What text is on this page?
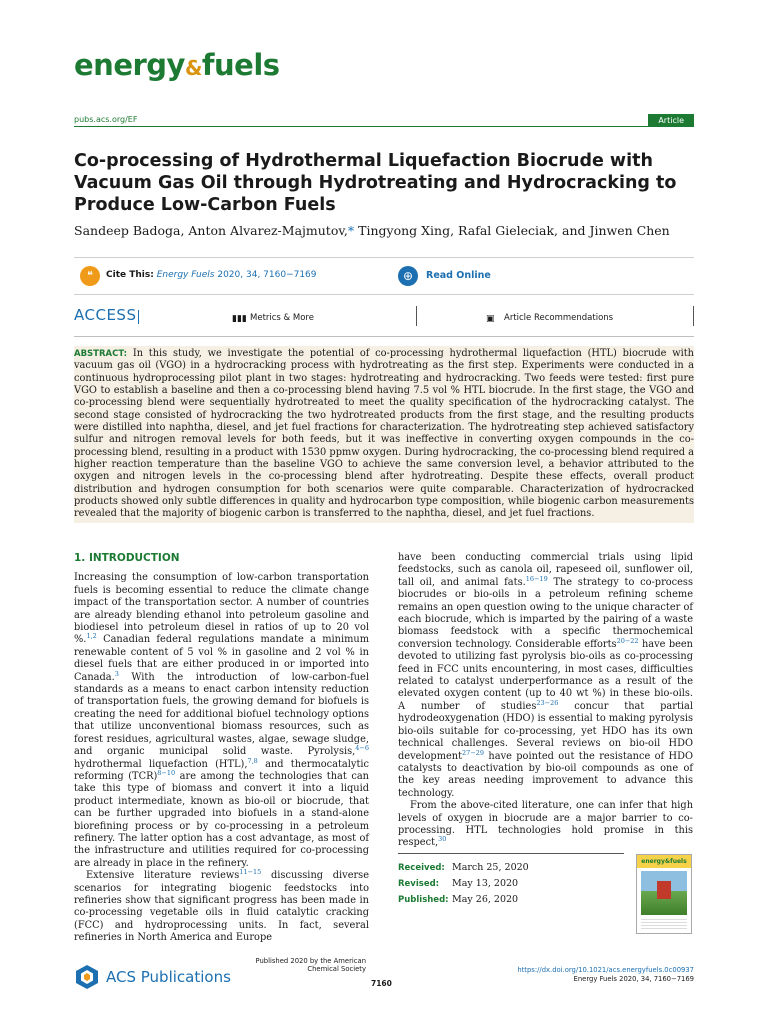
energy&fuels
pubs.acs.org/EF	Article
Co-processing of Hydrothermal Liquefaction Biocrude with Vacuum Gas Oil through Hydrotreating and Hydrocracking to Produce Low-Carbon Fuels
Sandeep Badoga, Anton Alvarez-Majmutov,* Tingyong Xing, Rafal Gieleciak, and Jinwen Chen
❝	Cite This: Energy Fuels 2020, 34, 7160−7169	⊕	Read Online
ACCESS	▮▮▮ Metrics & More	▣ Article Recommendations
ABSTRACT: In this study, we investigate the potential of co-processing hydrothermal liquefaction (HTL) biocrude with vacuum gas oil (VGO) in a hydrocracking process with hydrotreating as the first step. Experiments were conducted in a continuous hydroprocessing pilot plant in two stages: hydrotreating and hydrocracking. Two feeds were tested: first pure VGO to establish a baseline and then a co-processing blend having 7.5 vol % HTL biocrude. In the first stage, the VGO and co-processing blend were sequentially hydrotreated to meet the quality specification of the hydrocracking catalyst. The second stage consisted of hydrocracking the two hydrotreated products from the first stage, and the resulting products were distilled into naphtha, diesel, and jet fuel fractions for characterization. The hydrotreating step achieved satisfactory sulfur and nitrogen removal levels for both feeds, but it was ineffective in converting oxygen compounds in the co-processing blend, resulting in a product with 1530 ppmw oxygen. During hydrocracking, the co-processing blend required a higher reaction temperature than the baseline VGO to achieve the same conversion level, a behavior attributed to the oxygen and nitrogen levels in the co-processing blend after hydrotreating. Despite these effects, overall product distribution and hydrogen consumption for both scenarios were quite comparable. Characterization of hydrocracked products showed only subtle differences in quality and hydrocarbon type composition, while biogenic carbon measurements revealed that the majority of biogenic carbon is transferred to the naphtha, diesel, and jet fuel fractions.
1. INTRODUCTION

Increasing the consumption of low-carbon transportation fuels is becoming essential to reduce the climate change impact of the transportation sector. A number of countries are already blending ethanol into petroleum gasoline and biodiesel into petroleum diesel in ratios of up to 20 vol %.$^{1,2}$ Canadian federal regulations mandate a minimum renewable content of 5 vol % in gasoline and 2 vol % in diesel fuels that are either produced in or imported into Canada.$^3$ With the introduction of low-carbon-fuel standards as a means to enact carbon intensity reduction of transportation fuels, the growing demand for biofuels is creating the need for additional biofuel technology options that utilize unconventional biomass resources, such as forest residues, agricultural wastes, algae, sewage sludge, and organic municipal solid waste. Pyrolysis,$^{4-6}$ hydrothermal liquefaction (HTL),$^{7,8}$ and thermocatalytic reforming (TCR)$^{8-10}$ are among the technologies that can take this type of biomass and convert it into a liquid product intermediate, known as bio-oil or biocrude, that can be further upgraded into biofuels in a stand-alone biorefining process or by co-processing in a petroleum refinery. The latter option has a cost advantage, as most of the infrastructure and utilities required for co-processing are already in place in the refinery.

Extensive literature reviews$^{11-15}$ discussing diverse scenarios for integrating biogenic feedstocks into refineries show that significant progress has been made in co-processing vegetable oils in fluid catalytic cracking (FCC) and hydroprocessing units. In fact, several refineries in North America and Europe

have been conducting commercial trials using lipid feedstocks, such as canola oil, rapeseed oil, sunflower oil, tall oil, and animal fats.$^{16-19}$ The strategy to co-process biocrudes or bio-oils in a petroleum refining scheme remains an open question owing to the unique character of each biocrude, which is imparted by the pairing of a waste biomass feedstock with a specific thermochemical conversion technology. Considerable efforts$^{20-22}$ have been devoted to utilizing fast pyrolysis bio-oils as co-processing feed in FCC units encountering, in most cases, difficulties related to catalyst underperformance as a result of the elevated oxygen content (up to 40 wt %) in these bio-oils. A number of studies$^{23-26}$ concur that partial hydrodeoxygenation (HDO) is essential to making pyrolysis bio-oils suitable for co-processing, yet HDO has its own technical challenges. Several reviews on bio-oil HDO development$^{27-29}$ have pointed out the resistance of HDO catalysts to deactivation by bio-oil compounds as one of the key areas needing improvement to advance this technology.

From the above-cited literature, one can infer that high levels of oxygen in biocrude are a major barrier to co-processing. HTL technologies hold promise in this respect,$^{30}$

Received: March 25, 2020
Revised: May 13, 2020
Published: May 26, 2020
energy&fuels
ACS Publications
Published 2020 by the American Chemical Society
7160
https://dx.doi.org/10.1021/acs.energyfuels.0c00937
Energy Fuels 2020, 34, 7160−7169
